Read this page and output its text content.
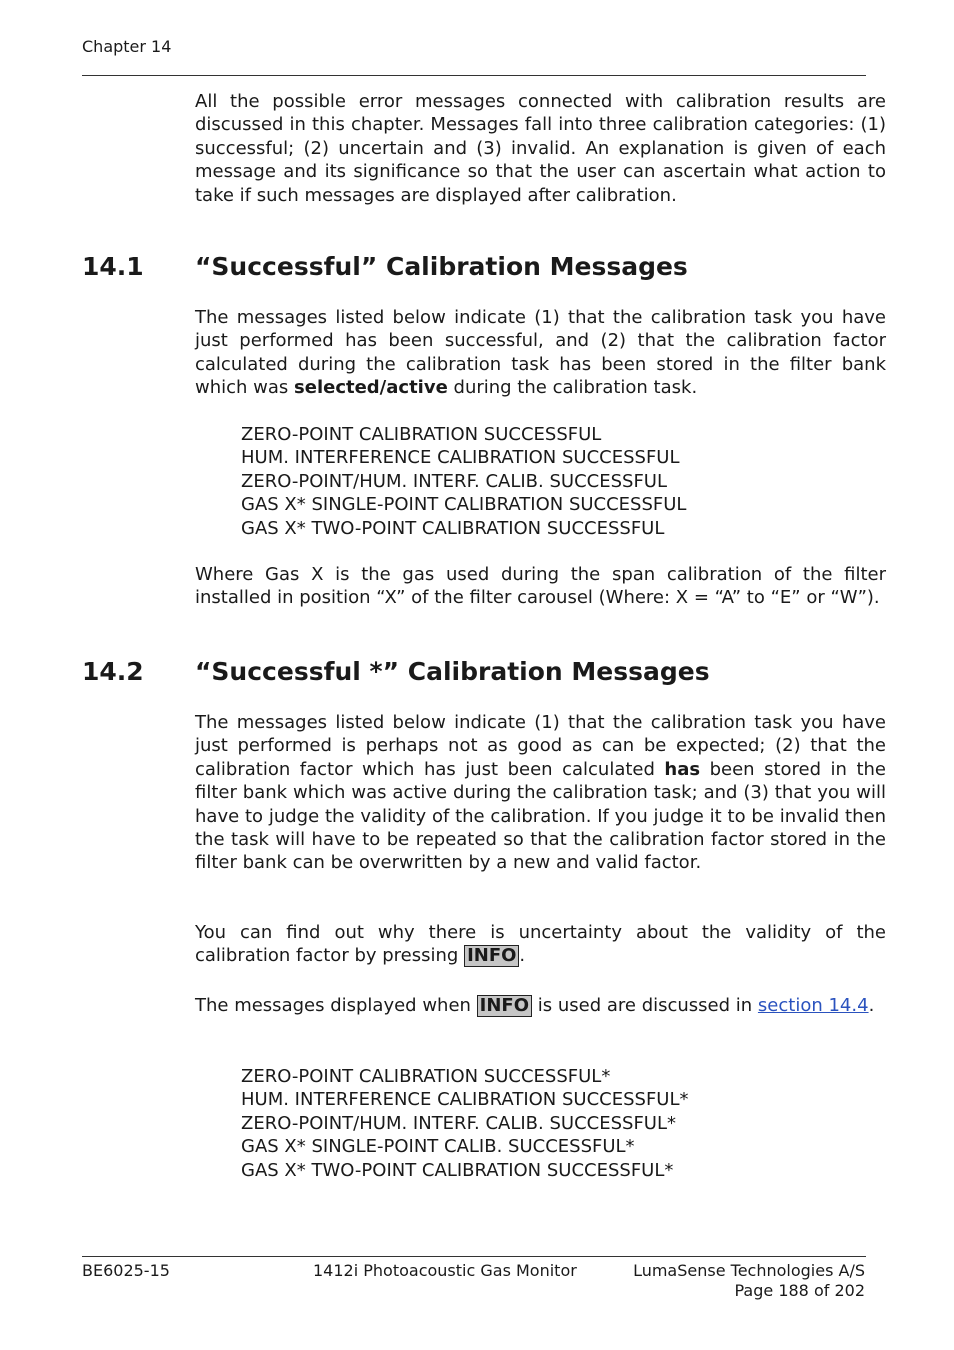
Chapter 14

All the possible error messages connected with calibration results are discussed in this chapter. Messages fall into three calibration categories: (1) successful; (2) uncertain and (3) invalid. An explanation is given of each message and its significance so that the user can ascertain what action to take if such messages are displayed after calibration.

14.1 “Successful” Calibration Messages

The messages listed below indicate (1) that the calibration task you have just performed has been successful, and (2) that the calibration factor calculated during the calibration task has been stored in the filter bank which was selected/active during the calibration task.

ZERO-POINT CALIBRATION SUCCESSFUL
HUM. INTERFERENCE CALIBRATION SUCCESSFUL
ZERO-POINT/HUM. INTERF. CALIB. SUCCESSFUL
GAS X* SINGLE-POINT CALIBRATION SUCCESSFUL
GAS X* TWO-POINT CALIBRATION SUCCESSFUL

Where Gas X is the gas used during the span calibration of the filter installed in position “X” of the filter carousel (Where: X = “A” to “E” or “W”).

14.2 “Successful *” Calibration Messages

The messages listed below indicate (1) that the calibration task you have just performed is perhaps not as good as can be expected; (2) that the calibration factor which has just been calculated has been stored in the filter bank which was active during the calibration task; and (3) that you will have to judge the validity of the calibration. If you judge it to be invalid then the task will have to be repeated so that the calibration factor stored in the filter bank can be overwritten by a new and valid factor.

You can find out why there is uncertainty about the validity of the calibration factor by pressing INFO .

The messages displayed when INFO is used are discussed in section 14.4.

ZERO-POINT CALIBRATION SUCCESSFUL*
HUM. INTERFERENCE CALIBRATION SUCCESSFUL*
ZERO-POINT/HUM. INTERF. CALIB. SUCCESSFUL*
GAS X* SINGLE-POINT CALIB. SUCCESSFUL*
GAS X* TWO-POINT CALIBRATION SUCCESSFUL*
BE6025-15	1412i Photoacoustic Gas Monitor	LumaSense Technologies A/S
Page 188 of 202
